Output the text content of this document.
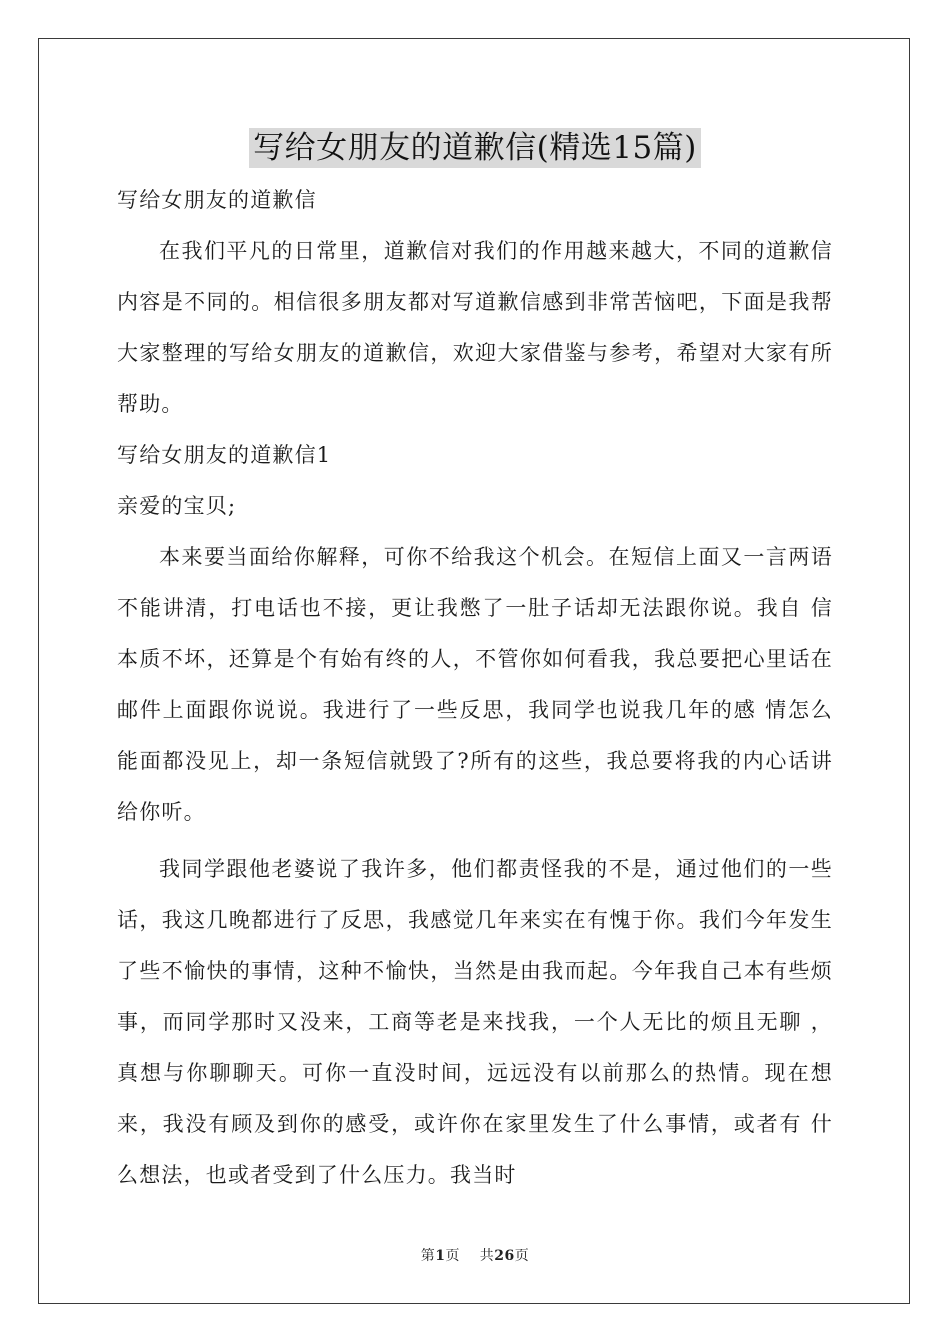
写给女朋友的道歉信(精选15篇)
写给女朋友的道歉信

在我们平凡的日常里，道歉信对我们的作用越来越大，不同的道歉信内容是不同的。相信很多朋友都对写道歉信感到非常苦恼吧，下面是我帮大家整理的写给女朋友的道歉信，欢迎大家借鉴与参考，希望对大家有所帮助。

写给女朋友的道歉信1
亲爱的宝贝;

本来要当面给你解释，可你不给我这个机会。在短信上面又一言两语不能讲清，打电话也不接，更让我憋了一肚子话却无法跟你说。我自 信本质不坏，还算是个有始有终的人，不管你如何看我，我总要把心里话在邮件上面跟你说说。我进行了一些反思，我同学也说我几年的感 情怎么能面都没见上，却一条短信就毁了?所有的这些，我总要将我的内心话讲给你听。

我同学跟他老婆说了我许多，他们都责怪我的不是，通过他们的一些话，我这几晚都进行了反思，我感觉几年来实在有愧于你。我们今年发生 了些不愉快的事情，这种不愉快，当然是由我而起。今年我自己本有些烦事，而同学那时又没来，工商等老是来找我，一个人无比的烦且无聊 ，真想与你聊聊天。可你一直没时间，远远没有以前那么的热情。现在想来，我没有顾及到你的感受，或许你在家里发生了什么事情，或者有 什么想法，也或者受到了什么压力。我当时

第1页 共26页
